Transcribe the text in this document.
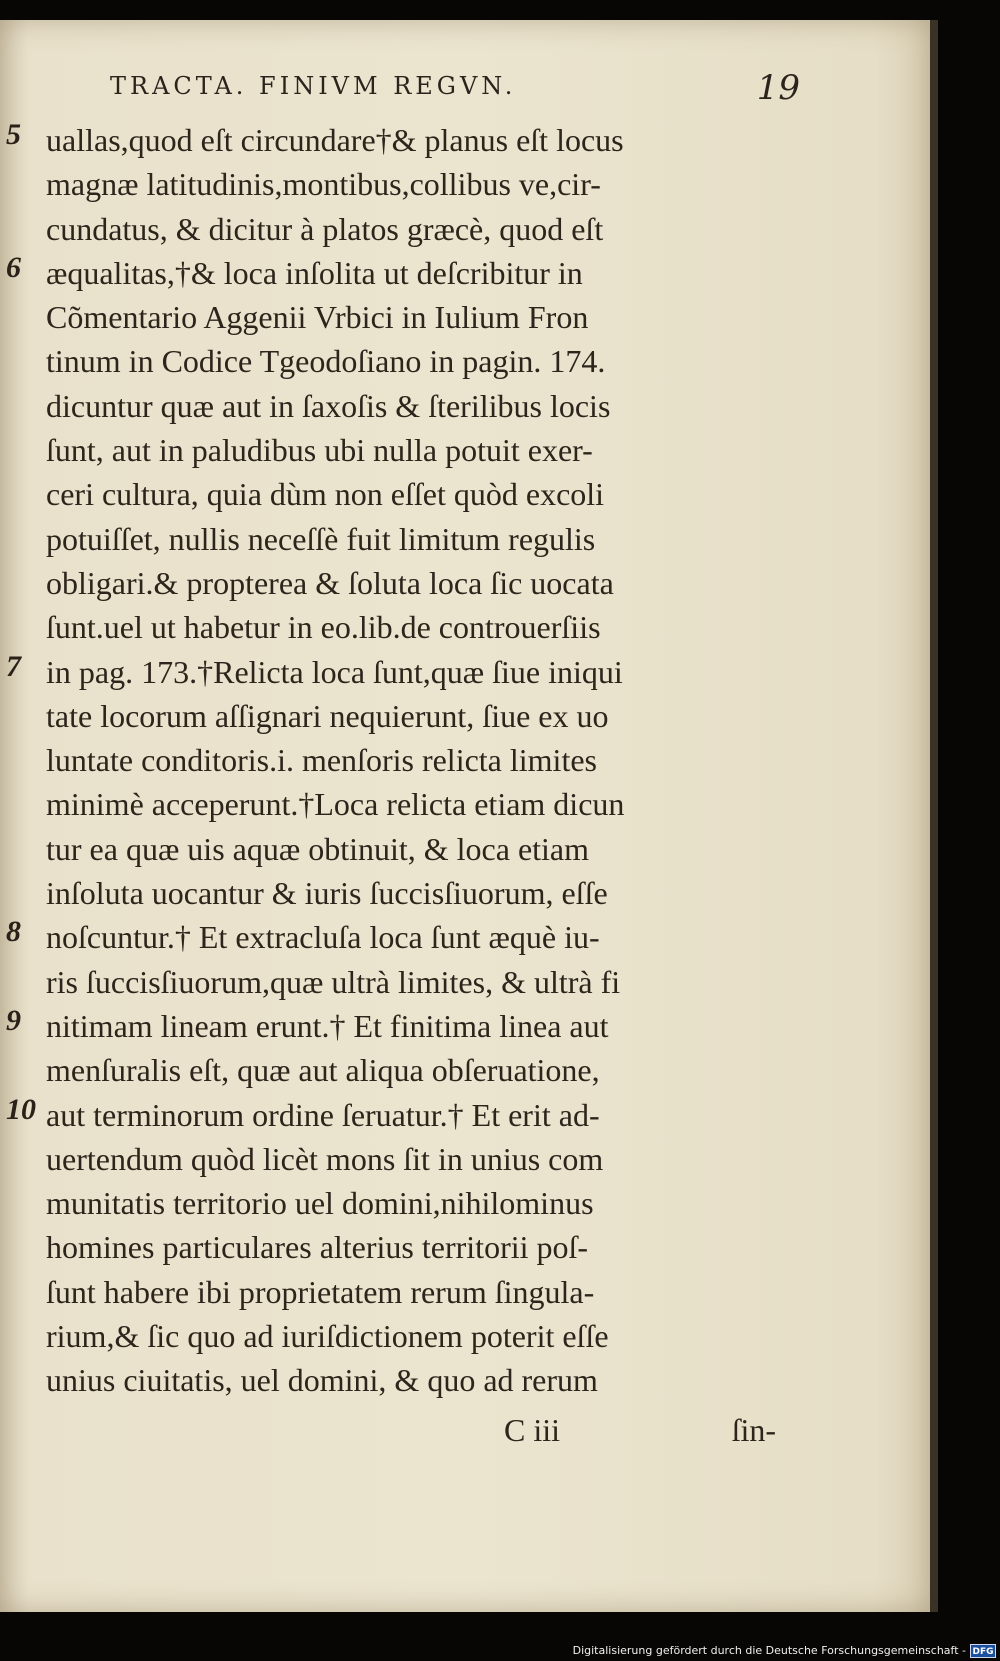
TRACTA. FINIVM REGVN.	19
5
6
7
8
9
10
uallas,quod eſt circundare†& planus eſt locus
magnæ latitudinis,montibus,collibus ve,cir-
cundatus, & dicitur à platos græcè, quod eſt
æqualitas,†& loca inſolita ut deſcribitur in
Cõmentario Aggenii Vrbici in Iulium Fron
tinum in Codice Tgeodoſiano in pagin. 174.
dicuntur quæ aut in ſaxoſis & ſterilibus locis
ſunt, aut in paludibus ubi nulla potuit exer-
ceri cultura, quia dùm non eſſet quòd excoli
potuiſſet, nullis neceſſè fuit limitum regulis
obligari.& propterea & ſoluta loca ſic uocata
ſunt.uel ut habetur in eo.lib.de controuerſiis
in pag. 173.†Relicta loca ſunt,quæ ſiue iniqui
tate locorum aſſignari nequierunt, ſiue ex uo
luntate conditoris.i. menſoris relicta limites
minimè acceperunt.†Loca relicta etiam dicun
tur ea quæ uis aquæ obtinuit, & loca etiam
inſoluta uocantur & iuris ſuccisſiuorum, eſſe
noſcuntur.† Et extracluſa loca ſunt æquè iu-
ris ſuccisſiuorum,quæ ultrà limites, & ultrà fi
nitimam lineam erunt.† Et finitima linea aut
menſuralis eſt, quæ aut aliqua obſeruatione,
aut terminorum ordine ſeruatur.† Et erit ad-
uertendum quòd licèt mons ſit in unius com
munitatis territorio uel domini,nihilominus
homines particulares alterius territorii poſ-
ſunt habere ibi proprietatem rerum ſingula-
rium,& ſic quo ad iuriſdictionem poterit eſſe
unius ciuitatis, uel domini, & quo ad rerum
C iii	ſin-
Digitalisierung gefördert durch die Deutsche Forschungsgemeinschaft - DFG
